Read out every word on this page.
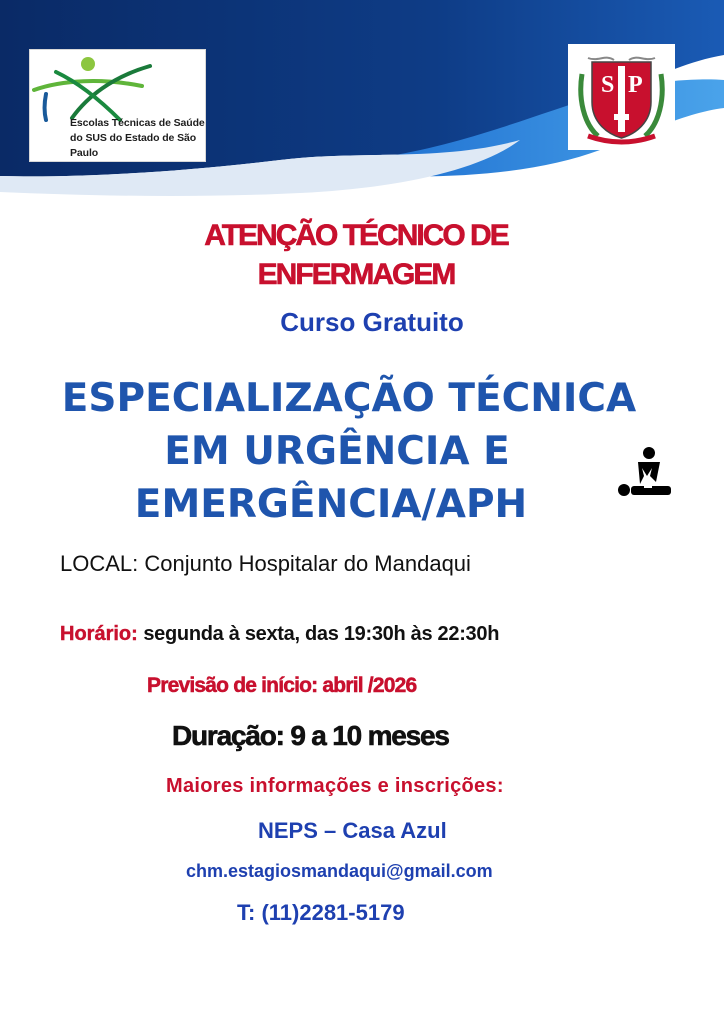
Escolas Técnicas de Saúde
do SUS do Estado de São Paulo
S P
ATENÇÃO TÉCNICO DE
ENFERMAGEM
Curso Gratuito
ESPECIALIZAÇÃO TÉCNICA
EM URGÊNCIA E
EMERGÊNCIA/APH
LOCAL: Conjunto Hospitalar do Mandaqui
Horário: segunda à sexta, das 19:30h às 22:30h
Previsão de início: abril /2026
Duração: 9 a 10 meses
Maiores informações e inscrições:
NEPS – Casa Azul
chm.estagiosmandaqui@gmail.com
T: (11)2281-5179
